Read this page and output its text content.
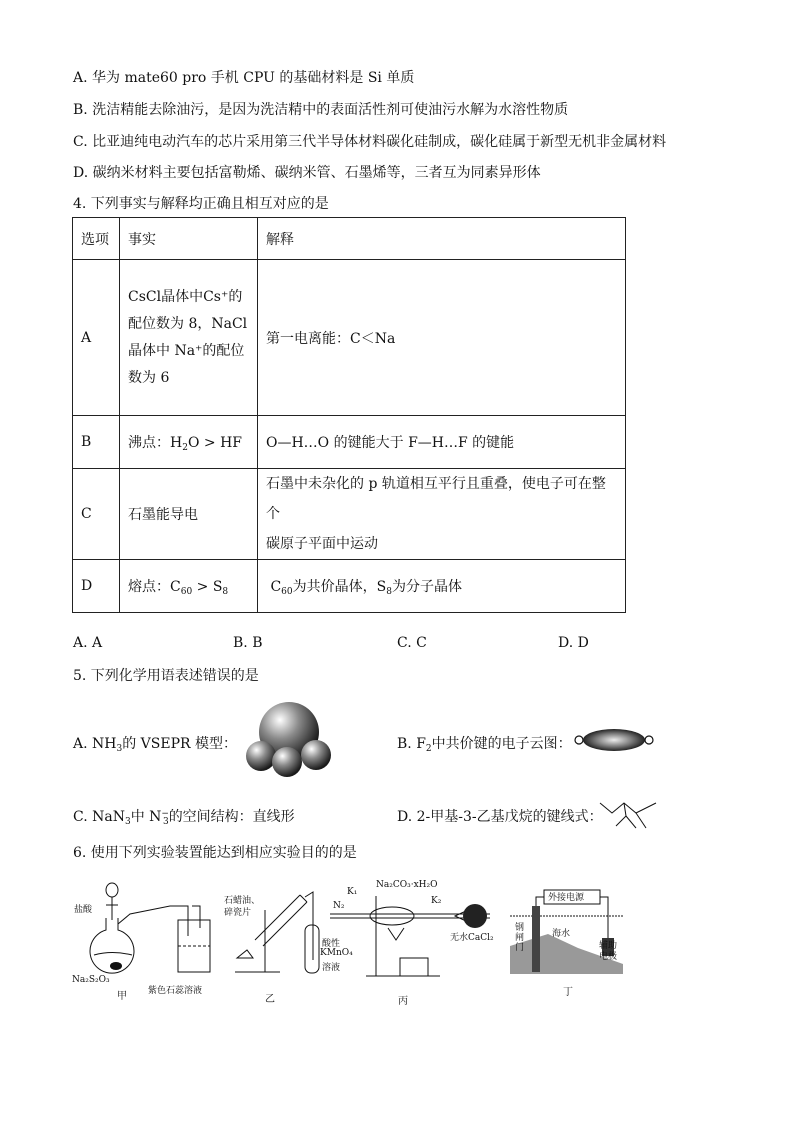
A. 华为 mate60 pro 手机 CPU 的基础材料是 Si 单质
B. 洗洁精能去除油污，是因为洗洁精中的表面活性剂可使油污水解为水溶性物质
C. 比亚迪纯电动汽车的芯片采用第三代半导体材料碳化硅制成，碳化硅属于新型无机非金属材料
D. 碳纳米材料主要包括富勒烯、碳纳米管、石墨烯等，三者互为同素异形体
4. 下列事实与解释均正确且相互对应的是
选项	事实	解释
A	CsCl晶体中Cs⁺的
配位数为 8，NaCl
晶体中 Na⁺的配位
数为 6	第一电离能：C＜Na
B	沸点：$H_2O$ > HF	O—H…O 的键能大于 F—H…F 的键能
C	石墨能导电	石墨中未杂化的 p 轨道相互平行且重叠，使电子可在整个
碳原子平面中运动

D	熔点：$C_{60} > S_8$	$C_{60}$为共价晶体，$S_8$为分子晶体
A. A	B. B	C. C	D. D
5. 下列化学用语表述错误的是
A. $NH_3$的 VSEPR 模型：	B. $F_2$中共价键的电子云图：
C. NaN$_3$中 $N^-_3$的空间结构：直线形	D. 2-甲基-3-乙基戊烷的键线式：
6. 使用下列实验装置能达到相应实验目的的是
盐酸
Na₂S₂O₃
紫色石蕊溶液
甲
石蜡油、
碎瓷片
酸性
KMnO₄
溶液
乙
K₁
N₂
Na₂CO₃·xH₂O
K₂
无水CaCl₂
丙
外接电源
钢
闸
门
海水
辅助
电极
丁
